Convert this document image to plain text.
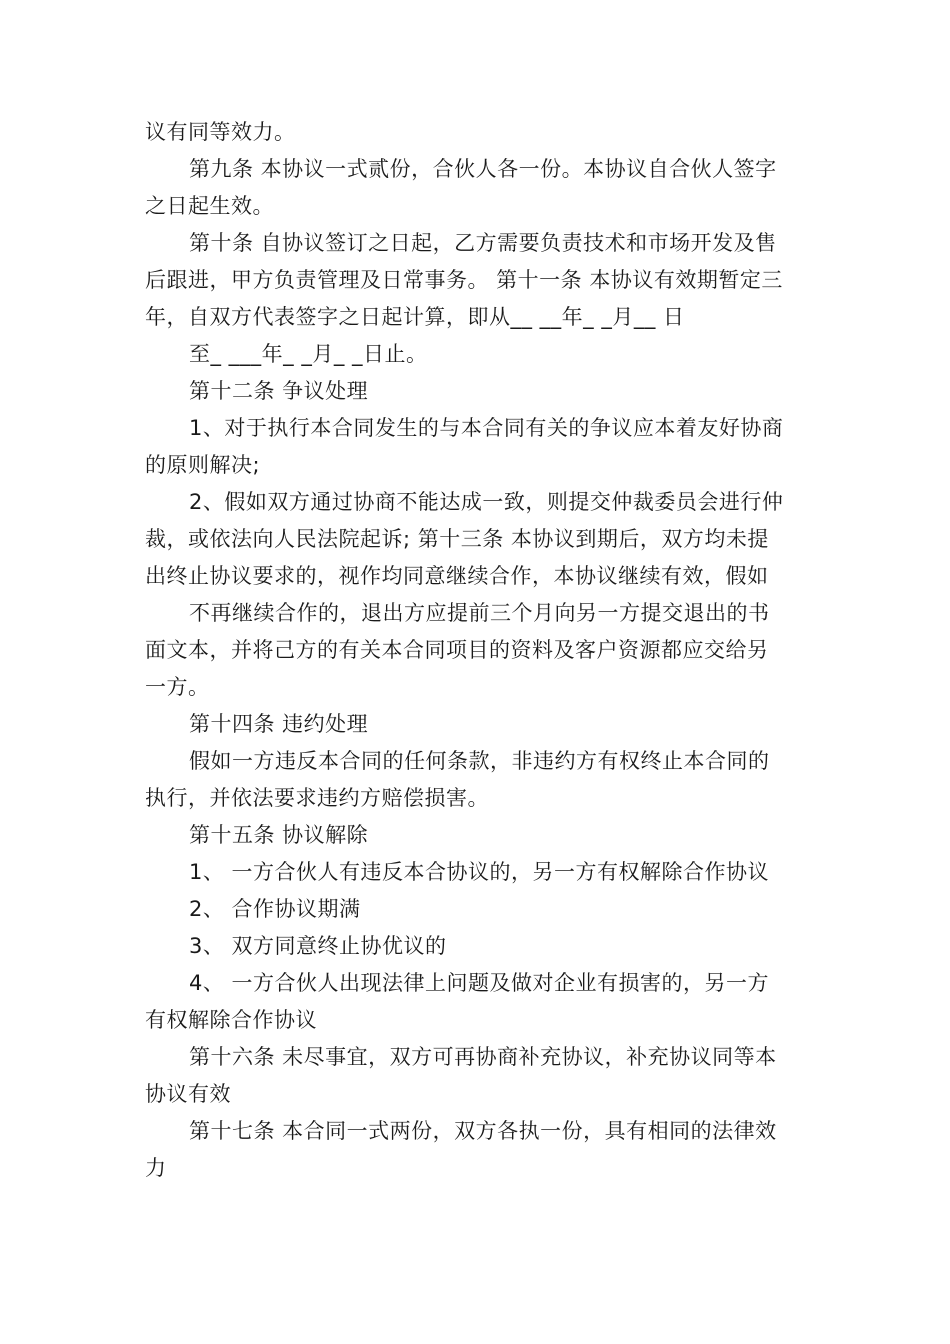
议有同等效力。
第九条 本协议一式贰份，合伙人各一份。本协议自合伙人签字
之日起生效。
第十条 自协议签订之日起，乙方需要负责技术和市场开发及售
后跟进，甲方负责管理及日常事务。 第十一条 本协议有效期暂定三
年，自双方代表签字之日起计算，即从__ __年_ _月__ 日
至_ ___年_ _月_ _日止。
第十二条 争议处理
1、对于执行本合同发生的与本合同有关的争议应本着友好协商
的原则解决;
2、假如双方通过协商不能达成一致，则提交仲裁委员会进行仲
裁，或依法向人民法院起诉; 第十三条 本协议到期后，双方均未提
出终止协议要求的，视作均同意继续合作，本协议继续有效，假如
不再继续合作的，退出方应提前三个月向另一方提交退出的书
面文本，并将己方的有关本合同项目的资料及客户资源都应交给另
一方。
第十四条 违约处理
假如一方违反本合同的任何条款，非违约方有权终止本合同的
执行，并依法要求违约方赔偿损害。
第十五条 协议解除
1、 一方合伙人有违反本合协议的，另一方有权解除合作协议
2、 合作协议期满
3、 双方同意终止协优议的
4、 一方合伙人出现法律上问题及做对企业有损害的，另一方
有权解除合作协议
第十六条 未尽事宜，双方可再协商补充协议，补充协议同等本
协议有效
第十七条 本合同一式两份，双方各执一份，具有相同的法律效
力
